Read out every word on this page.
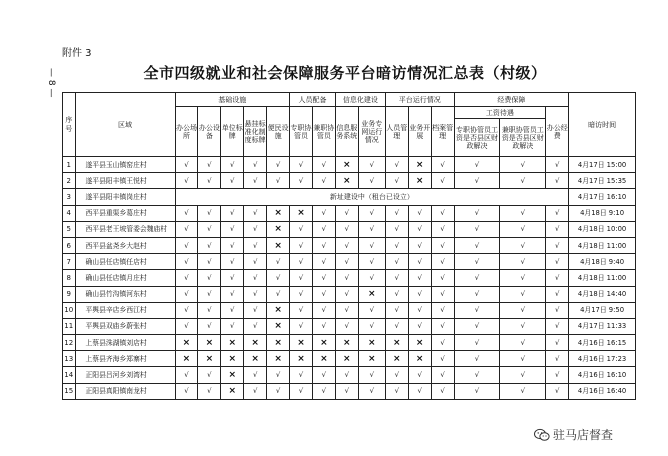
附件 3
— 8 —	全市四级就业和社会保障服务平台暗访情况汇总表（村级）
序号	区域	基础设施					人员配备		信息化建设		平台运行情况			经费保障			暗访时间
		办公场所	办公设备	单位标牌	悬挂标准化制度标牌	便民设施	专职协管员	兼职协管员	信息服务系统	业务专网运行情况	人员管理	业务开展	档案管理	工资待遇		办公经费	
														专职协管员工资是否县区财政解决	兼职协管员工资是否县区财政解决		
1	遂平县玉山镇窑庄村	√	√	√	√	√	√	√	×	√	√	×	√	√	√	√	4月17日 15:00
2	遂平县阳丰镇王悦村	√	√	√	√	√	√	√	×	√	√	×	√	√	√	√	4月17日 15:35
3	遂平县阳丰镇岗庄村	新址建设中（租台已设立）															4月17日 16:10
4	西平县重渠乡葛庄村	√	√	√	√	×	×	√	√	√	√	√	√	√	√	√	4月18日 9:10
5	西平县老王坡管委会魏庙村	√	√	√	√	×	√	√	√	√	√	√	√	√	√	√	4月18日 10:00
6	西平县盆尧乡大赵村	√	√	√	√	×	√	√	√	√	√	√	√	√	√	√	4月18日 11:00
7	确山县任店镇任店村	√	√	√	√	√	√	√	√	√	√	√	√	√	√	√	4月18日 9:40
8	确山县任店镇月庄村	√	√	√	√	√	√	√	√	√	√	√	√	√	√	√	4月18日 11:00
9	确山县竹沟镇河东村	√	√	√	√	√	√	√	√	×	√	√	√	√	√	√	4月18日 14:40
10	平舆县辛店乡西江村	√	√	√	√	×	√	√	√	√	√	√	√	√	√	√	4月17日 9:50
11	平舆县双庙乡蔚张村	√	√	√	√	×	√	√	√	√	√	√	√	√	√	√	4月17日 11:33
12	上蔡县洙湖镇刘店村	×	×	×	×	×	×	×	×	×	×	×	√	√	√	√	4月16日 16:15
13	上蔡县齐海乡郑寨村	×	×	×	×	×	×	×	×	×	×	×	√	√	√	√	4月16日 17:23
14	正阳县吕河乡刘湾村	√	√	×	√	√	√	√	√	√	√	√	√	√	√	√	4月16日 16:10
15	正阳县真阳镇南龙村	√	√	×	√	√	√	√	√	√	√	√	√	√	√	√	4月16日 16:40
驻马店督查
